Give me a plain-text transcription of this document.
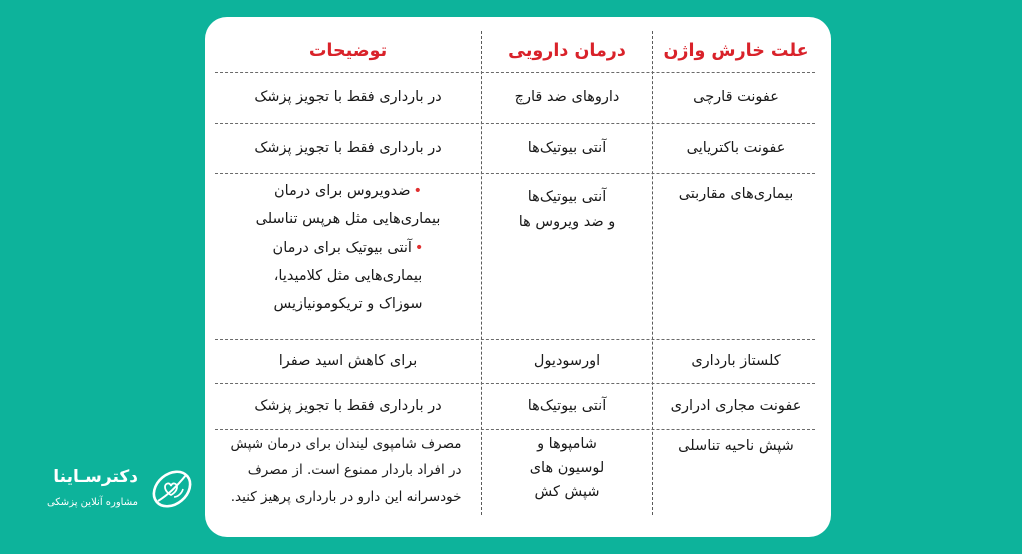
علت خارش واژن
درمان دارویی
توضیحات
عفونت قارچی
داروهای ضد قارچ
در بارداری فقط با تجویز پزشک
عفونت باکتریایی
آنتی بیوتیک‌ها
در بارداری فقط با تجویز پزشک
بیماری‌های مقاربتی
آنتی بیوتیک‌ها
و ضد ویروس ها
• ضدویروس برای درمان
بیماری‌هایی مثل هرپس تناسلی
• آنتی بیوتیک برای درمان
بیماری‌هایی مثل کلامیدیا،
سوزاک و تریکومونیازیس
کلستاز بارداری
اورسودیول
برای کاهش اسید صفرا
عفونت مجاری ادراری
آنتی بیوتیک‌ها
در بارداری فقط با تجویز پزشک
شپش ناحیه تناسلی
شامپوها و
لوسیون های
شپش کش
مصرف شامپوی لیندان برای درمان شپش
در افراد باردار ممنوع است. از مصرف
خودسرانه این دارو در بارداری پرهیز کنید.
دکترسـاینا
مشاوره آنلاین پزشکی
